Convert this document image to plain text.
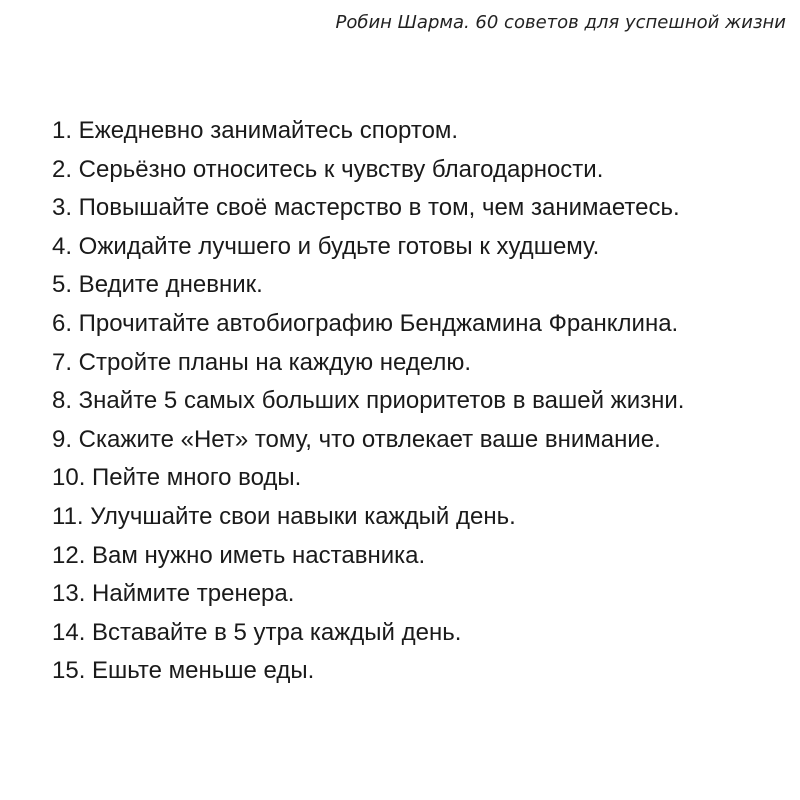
Робин Шарма. 60 советов для успешной жизни
1. Ежедневно занимайтесь спортом.
2. Серьёзно относитесь к чувству благодарности.
3. Повышайте своё мастерство в том, чем занимаетесь.
4. Ожидайте лучшего и будьте готовы к худшему.
5. Ведите дневник.
6. Прочитайте автобиографию Бенджамина Франклина.
7. Стройте планы на каждую неделю.
8. Знайте 5 самых больших приоритетов в вашей жизни.
9. Скажите «Нет» тому, что отвлекает ваше внимание.
10. Пейте много воды.
11. Улучшайте свои навыки каждый день.
12. Вам нужно иметь наставника.
13. Наймите тренера.
14. Вставайте в 5 утра каждый день.
15. Ешьте меньше еды.
